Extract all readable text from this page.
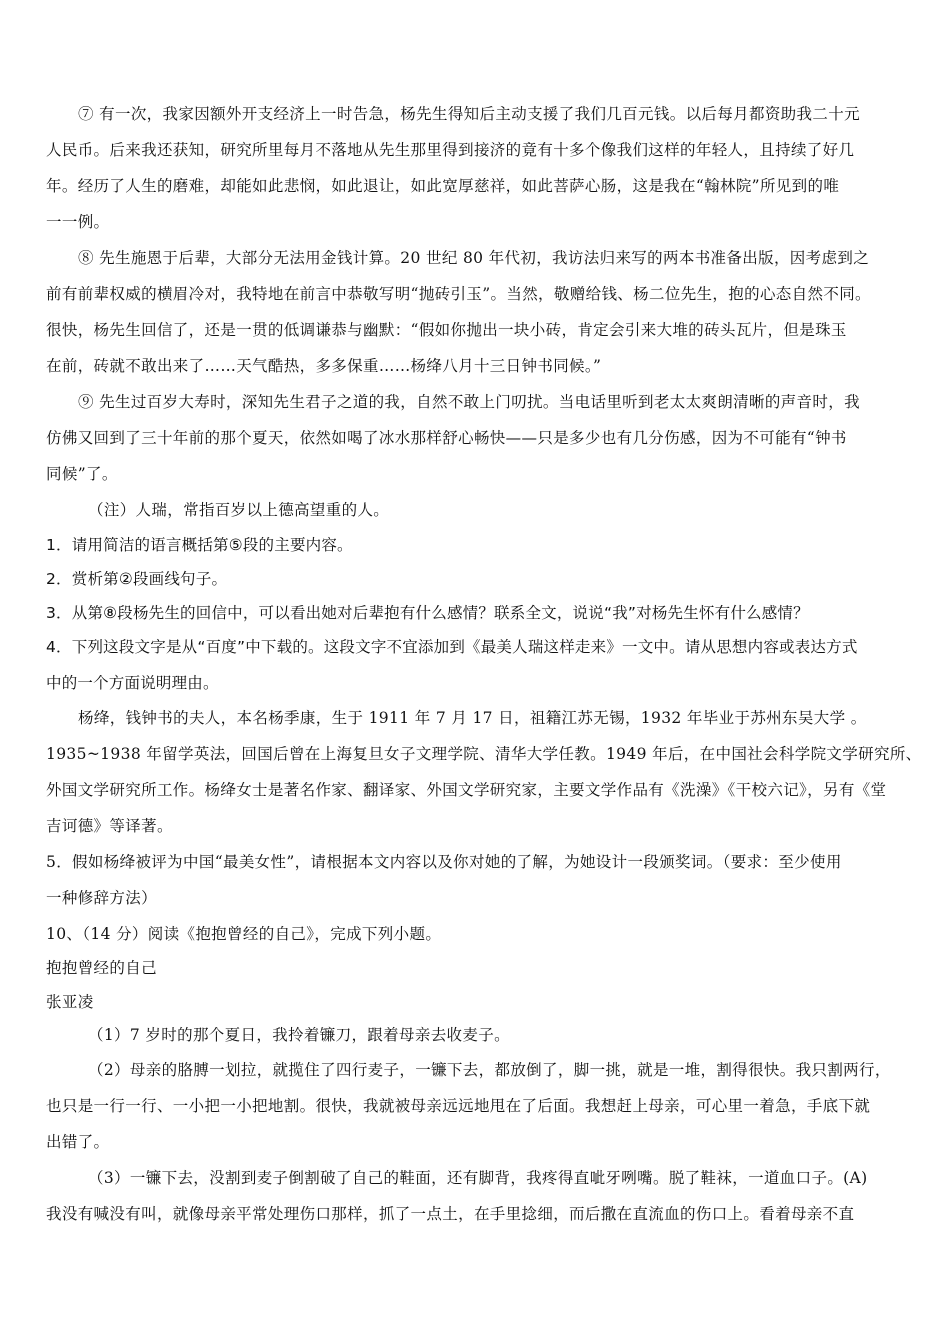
⑦ 有一次，我家因额外开支经济上一时告急，杨先生得知后主动支援了我们几百元钱。以后每月都资助我二十元
人民币。后来我还获知，研究所里每月不落地从先生那里得到接济的竟有十多个像我们这样的年轻人，且持续了好几
年。经历了人生的磨难，却能如此悲悯，如此退让，如此宽厚慈祥，如此菩萨心肠，这是我在“翰林院”所见到的唯
一一例。
⑧ 先生施恩于后辈，大部分无法用金钱计算。20 世纪 80 年代初，我访法归来写的两本书准备出版，因考虑到之
前有前辈权威的横眉冷对，我特地在前言中恭敬写明“抛砖引玉”。当然，敬赠给钱、杨二位先生，抱的心态自然不同。
很快，杨先生回信了，还是一贯的低调谦恭与幽默：“假如你抛出一块小砖，肯定会引来大堆的砖头瓦片，但是珠玉
在前，砖就不敢出来了……天气酷热，多多保重……杨绛八月十三日钟书同候。”
⑨ 先生过百岁大寿时，深知先生君子之道的我，自然不敢上门叨扰。当电话里听到老太太爽朗清晰的声音时，我
仿佛又回到了三十年前的那个夏天，依然如喝了冰水那样舒心畅快——只是多少也有几分伤感，因为不可能有“钟书
同候”了。
（注）人瑞，常指百岁以上德高望重的人。
1．请用简洁的语言概括第⑤段的主要内容。
2．赏析第②段画线句子。
3．从第⑧段杨先生的回信中，可以看出她对后辈抱有什么感情？联系全文，说说“我”对杨先生怀有什么感情？
4．下列这段文字是从“百度”中下载的。这段文字不宜添加到《最美人瑞这样走来》一文中。请从思想内容或表达方式
中的一个方面说明理由。
杨绛，钱钟书的夫人，本名杨季康，生于 1911 年 7 月 17 日，祖籍江苏无锡，1932 年毕业于苏州东吴大学 。
1935~1938 年留学英法，回国后曾在上海复旦女子文理学院、清华大学任教。1949 年后，在中国社会科学院文学研究所、
外国文学研究所工作。杨绛女士是著名作家、翻译家、外国文学研究家，主要文学作品有《洗澡》《干校六记》，另有《堂
吉诃德》等译著。
5．假如杨绛被评为中国“最美女性”，请根据本文内容以及你对她的了解，为她设计一段颁奖词。（要求：至少使用
一种修辞方法）
10、（14 分）阅读《抱抱曾经的自己》，完成下列小题。
抱抱曾经的自己
张亚凌
（1）7 岁时的那个夏日，我拎着镰刀，跟着母亲去收麦子。
（2）母亲的胳膊一划拉，就揽住了四行麦子，一镰下去，都放倒了，脚一挑，就是一堆，割得很快。我只割两行，
也只是一行一行、一小把一小把地割。很快，我就被母亲远远地甩在了后面。我想赶上母亲，可心里一着急，手底下就
出错了。
（3）一镰下去，没割到麦子倒割破了自己的鞋面，还有脚背，我疼得直呲牙咧嘴。脱了鞋袜，一道血口子。(A)
我没有喊没有叫，就像母亲平常处理伤口那样，抓了一点土，在手里捻细，而后撒在直流血的伤口上。看着母亲不直
